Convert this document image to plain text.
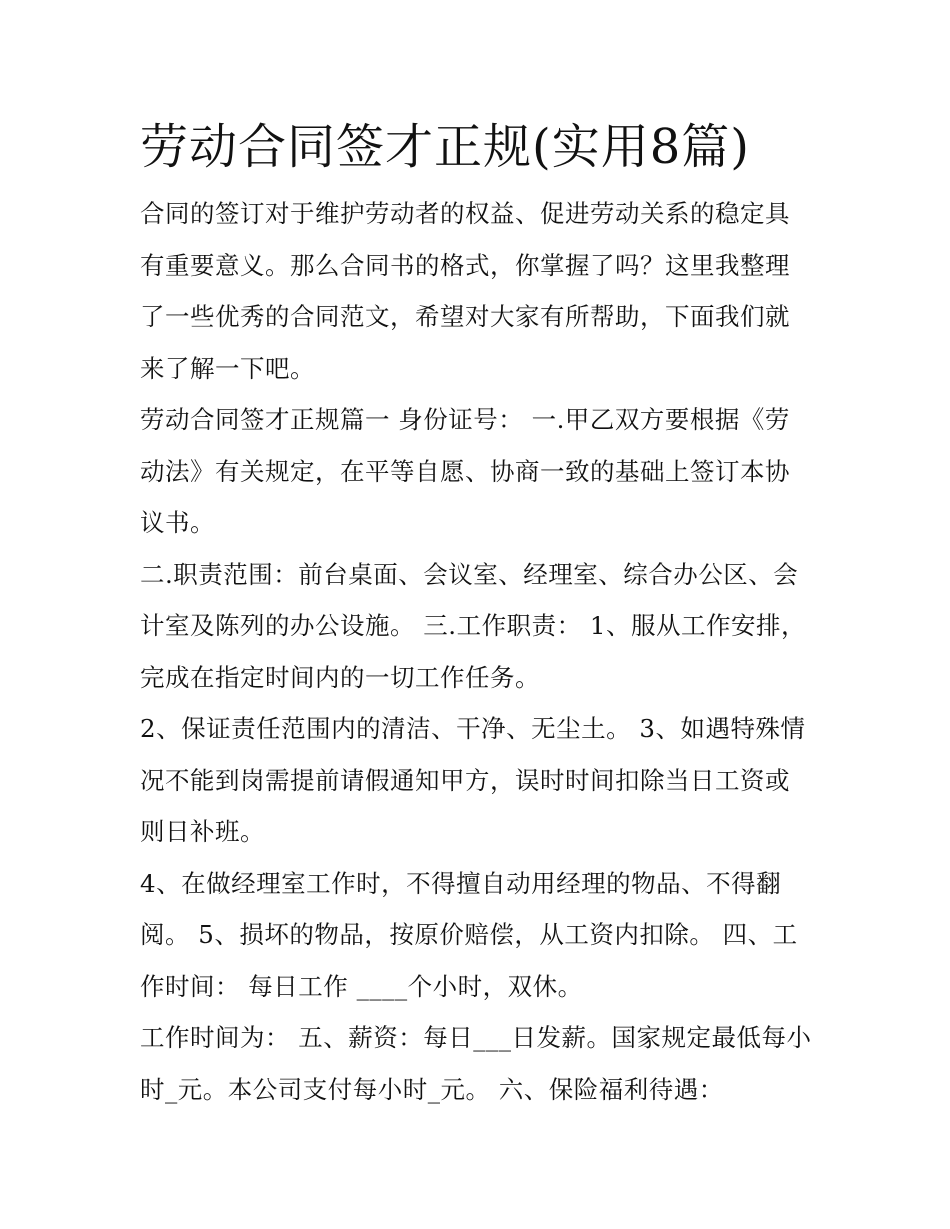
劳动合同签才正规(实用8篇)

合同的签订对于维护劳动者的权益、促进劳动关系的稳定具有重要意义。那么合同书的格式，你掌握了吗？这里我整理了一些优秀的合同范文，希望对大家有所帮助，下面我们就来了解一下吧。

劳动合同签才正规篇一 身份证号： 一.甲乙双方要根据《劳动法》有关规定，在平等自愿、协商一致的基础上签订本协议书。

二.职责范围：前台桌面、会议室、经理室、综合办公区、会计室及陈列的办公设施。 三.工作职责： 1、服从工作安排，完成在指定时间内的一切工作任务。

2、保证责任范围内的清洁、干净、无尘土。 3、如遇特殊情况不能到岗需提前请假通知甲方，误时时间扣除当日工资或则日补班。

4、在做经理室工作时，不得擅自动用经理的物品、不得翻阅。 5、损坏的物品，按原价赔偿，从工资内扣除。 四、工作时间： 每日工作 ____个小时，双休。

工作时间为： 五、薪资：每日___日发薪。国家规定最低每小时_元。本公司支付每小时_元。 六、保险福利待遇：
